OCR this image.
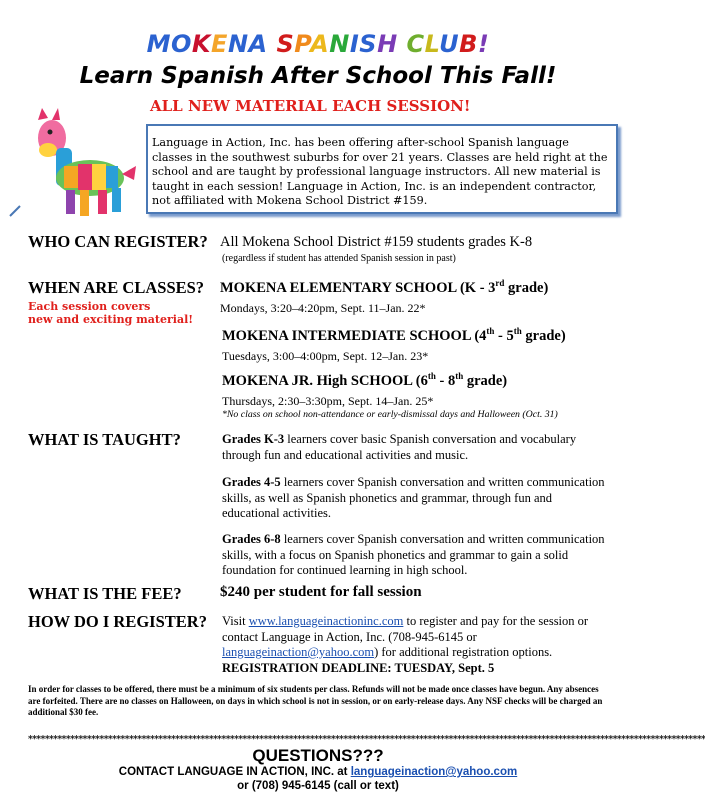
MOKENA SPANISH CLUB!
Learn Spanish After School This Fall!
ALL NEW MATERIAL EACH SESSION!
Language in Action, Inc. has been offering after-school Spanish language classes in the southwest suburbs for over 21 years. Classes are held right at the school and are taught by professional language instructors. All new material is taught in each session! Language in Action, Inc. is an independent contractor, not affiliated with Mokena School District #159.
WHO CAN REGISTER? All Mokena School District #159 students grades K-8
(regardless if student has attended Spanish session in past)
WHEN ARE CLASSES?
Each session covers
new and exciting material!
MOKENA ELEMENTARY SCHOOL (K - 3rd grade)
Mondays, 3:20–4:20pm, Sept. 11–Jan. 22*
MOKENA INTERMEDIATE SCHOOL (4th - 5th grade)
Tuesdays, 3:00–4:00pm, Sept. 12–Jan. 23*
MOKENA JR. High SCHOOL (6th - 8th grade)
Thursdays, 2:30–3:30pm, Sept. 14–Jan. 25*
*No class on school non-attendance or early-dismissal days and Halloween (Oct. 31)
WHAT IS TAUGHT?	Grades K-3 learners cover basic Spanish conversation and vocabulary through fun and educational activities and music.
Grades 4-5 learners cover Spanish conversation and written communication skills, as well as Spanish phonetics and grammar, through fun and educational activities.
Grades 6-8 learners cover Spanish conversation and written communication skills, with a focus on Spanish phonetics and grammar to gain a solid foundation for continued learning in high school.
WHAT IS THE FEE?	$240 per student for fall session
HOW DO I REGISTER? Visit www.languageinactioninc.com to register and pay for the session or contact Language in Action, Inc. (708-945-6145 or languageinaction@yahoo.com) for additional registration options.
REGISTRATION DEADLINE: TUESDAY, Sept. 5
In order for classes to be offered, there must be a minimum of six students per class. Refunds will not be made once classes have begun. Any absences are forfeited. There are no classes on Halloween, on days in which school is not in session, or on early-release days. Any NSF checks will be charged an additional $30 fee.
*****************************************************************************************************************************************************************
QUESTIONS???
CONTACT LANGUAGE IN ACTION, INC. at languageinaction@yahoo.com
or (708) 945-6145 (call or text)
